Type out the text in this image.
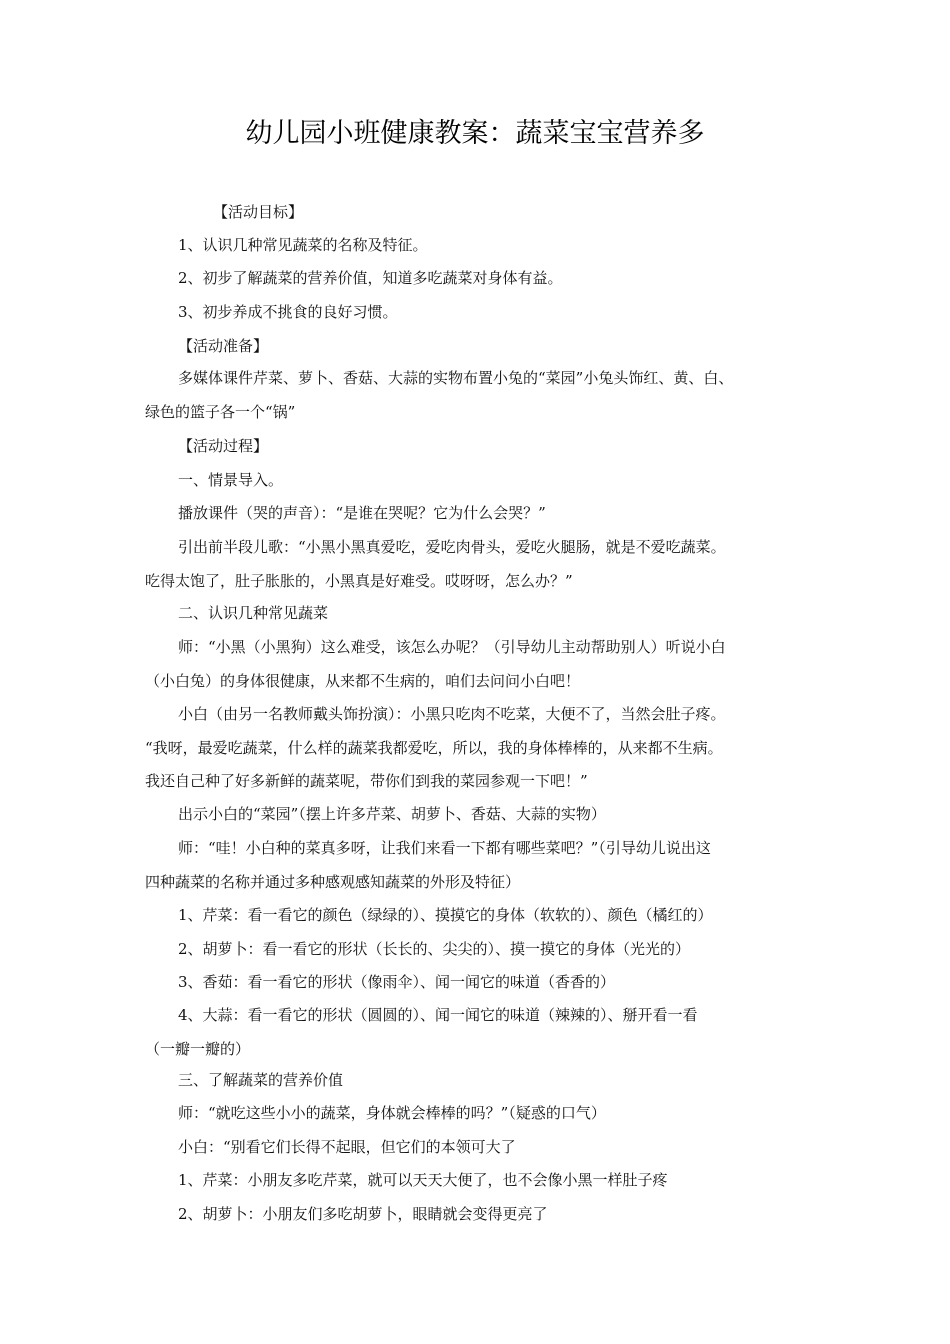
幼儿园小班健康教案：蔬菜宝宝营养多
【活动目标】
1、认识几种常见蔬菜的名称及特征。
2、初步了解蔬菜的营养价值，知道多吃蔬菜对身体有益。
3、初步养成不挑食的良好习惯。
【活动准备】
多媒体课件芹菜、萝卜、香菇、大蒜的实物布置小兔的“菜园”小兔头饰红、黄、白、
绿色的篮子各一个“锅”
【活动过程】
一、情景导入。
播放课件（哭的声音）：“是谁在哭呢？它为什么会哭？”
引出前半段儿歌：“小黑小黑真爱吃，爱吃肉骨头，爱吃火腿肠，就是不爱吃蔬菜。
吃得太饱了，肚子胀胀的，小黑真是好难受。哎呀呀，怎么办？”
二、认识几种常见蔬菜
师：“小黑（小黑狗）这么难受，该怎么办呢？（引导幼儿主动帮助别人）听说小白
（小白兔）的身体很健康，从来都不生病的，咱们去问问小白吧！
小白（由另一名教师戴头饰扮演）：小黑只吃肉不吃菜，大便不了，当然会肚子疼。
“我呀，最爱吃蔬菜，什么样的蔬菜我都爱吃，所以，我的身体棒棒的，从来都不生病。
我还自己种了好多新鲜的蔬菜呢，带你们到我的菜园参观一下吧！”
出示小白的“菜园”（摆上许多芹菜、胡萝卜、香菇、大蒜的实物）
师：“哇！小白种的菜真多呀，让我们来看一下都有哪些菜吧？”（引导幼儿说出这
四种蔬菜的名称并通过多种感观感知蔬菜的外形及特征）
1、芹菜：看一看它的颜色（绿绿的）、摸摸它的身体（软软的）、颜色（橘红的）
2、胡萝卜：看一看它的形状（长长的、尖尖的）、摸一摸它的身体（光光的）
3、香茹：看一看它的形状（像雨伞）、闻一闻它的味道（香香的）
4、大蒜：看一看它的形状（圆圆的）、闻一闻它的味道（辣辣的）、掰开看一看
（一瓣一瓣的）
三、了解蔬菜的营养价值
师：“就吃这些小小的蔬菜，身体就会棒棒的吗？”（疑惑的口气）
小白：“别看它们长得不起眼，但它们的本领可大了
1、芹菜：小朋友多吃芹菜，就可以天天大便了，也不会像小黑一样肚子疼
2、胡萝卜：小朋友们多吃胡萝卜，眼睛就会变得更亮了
